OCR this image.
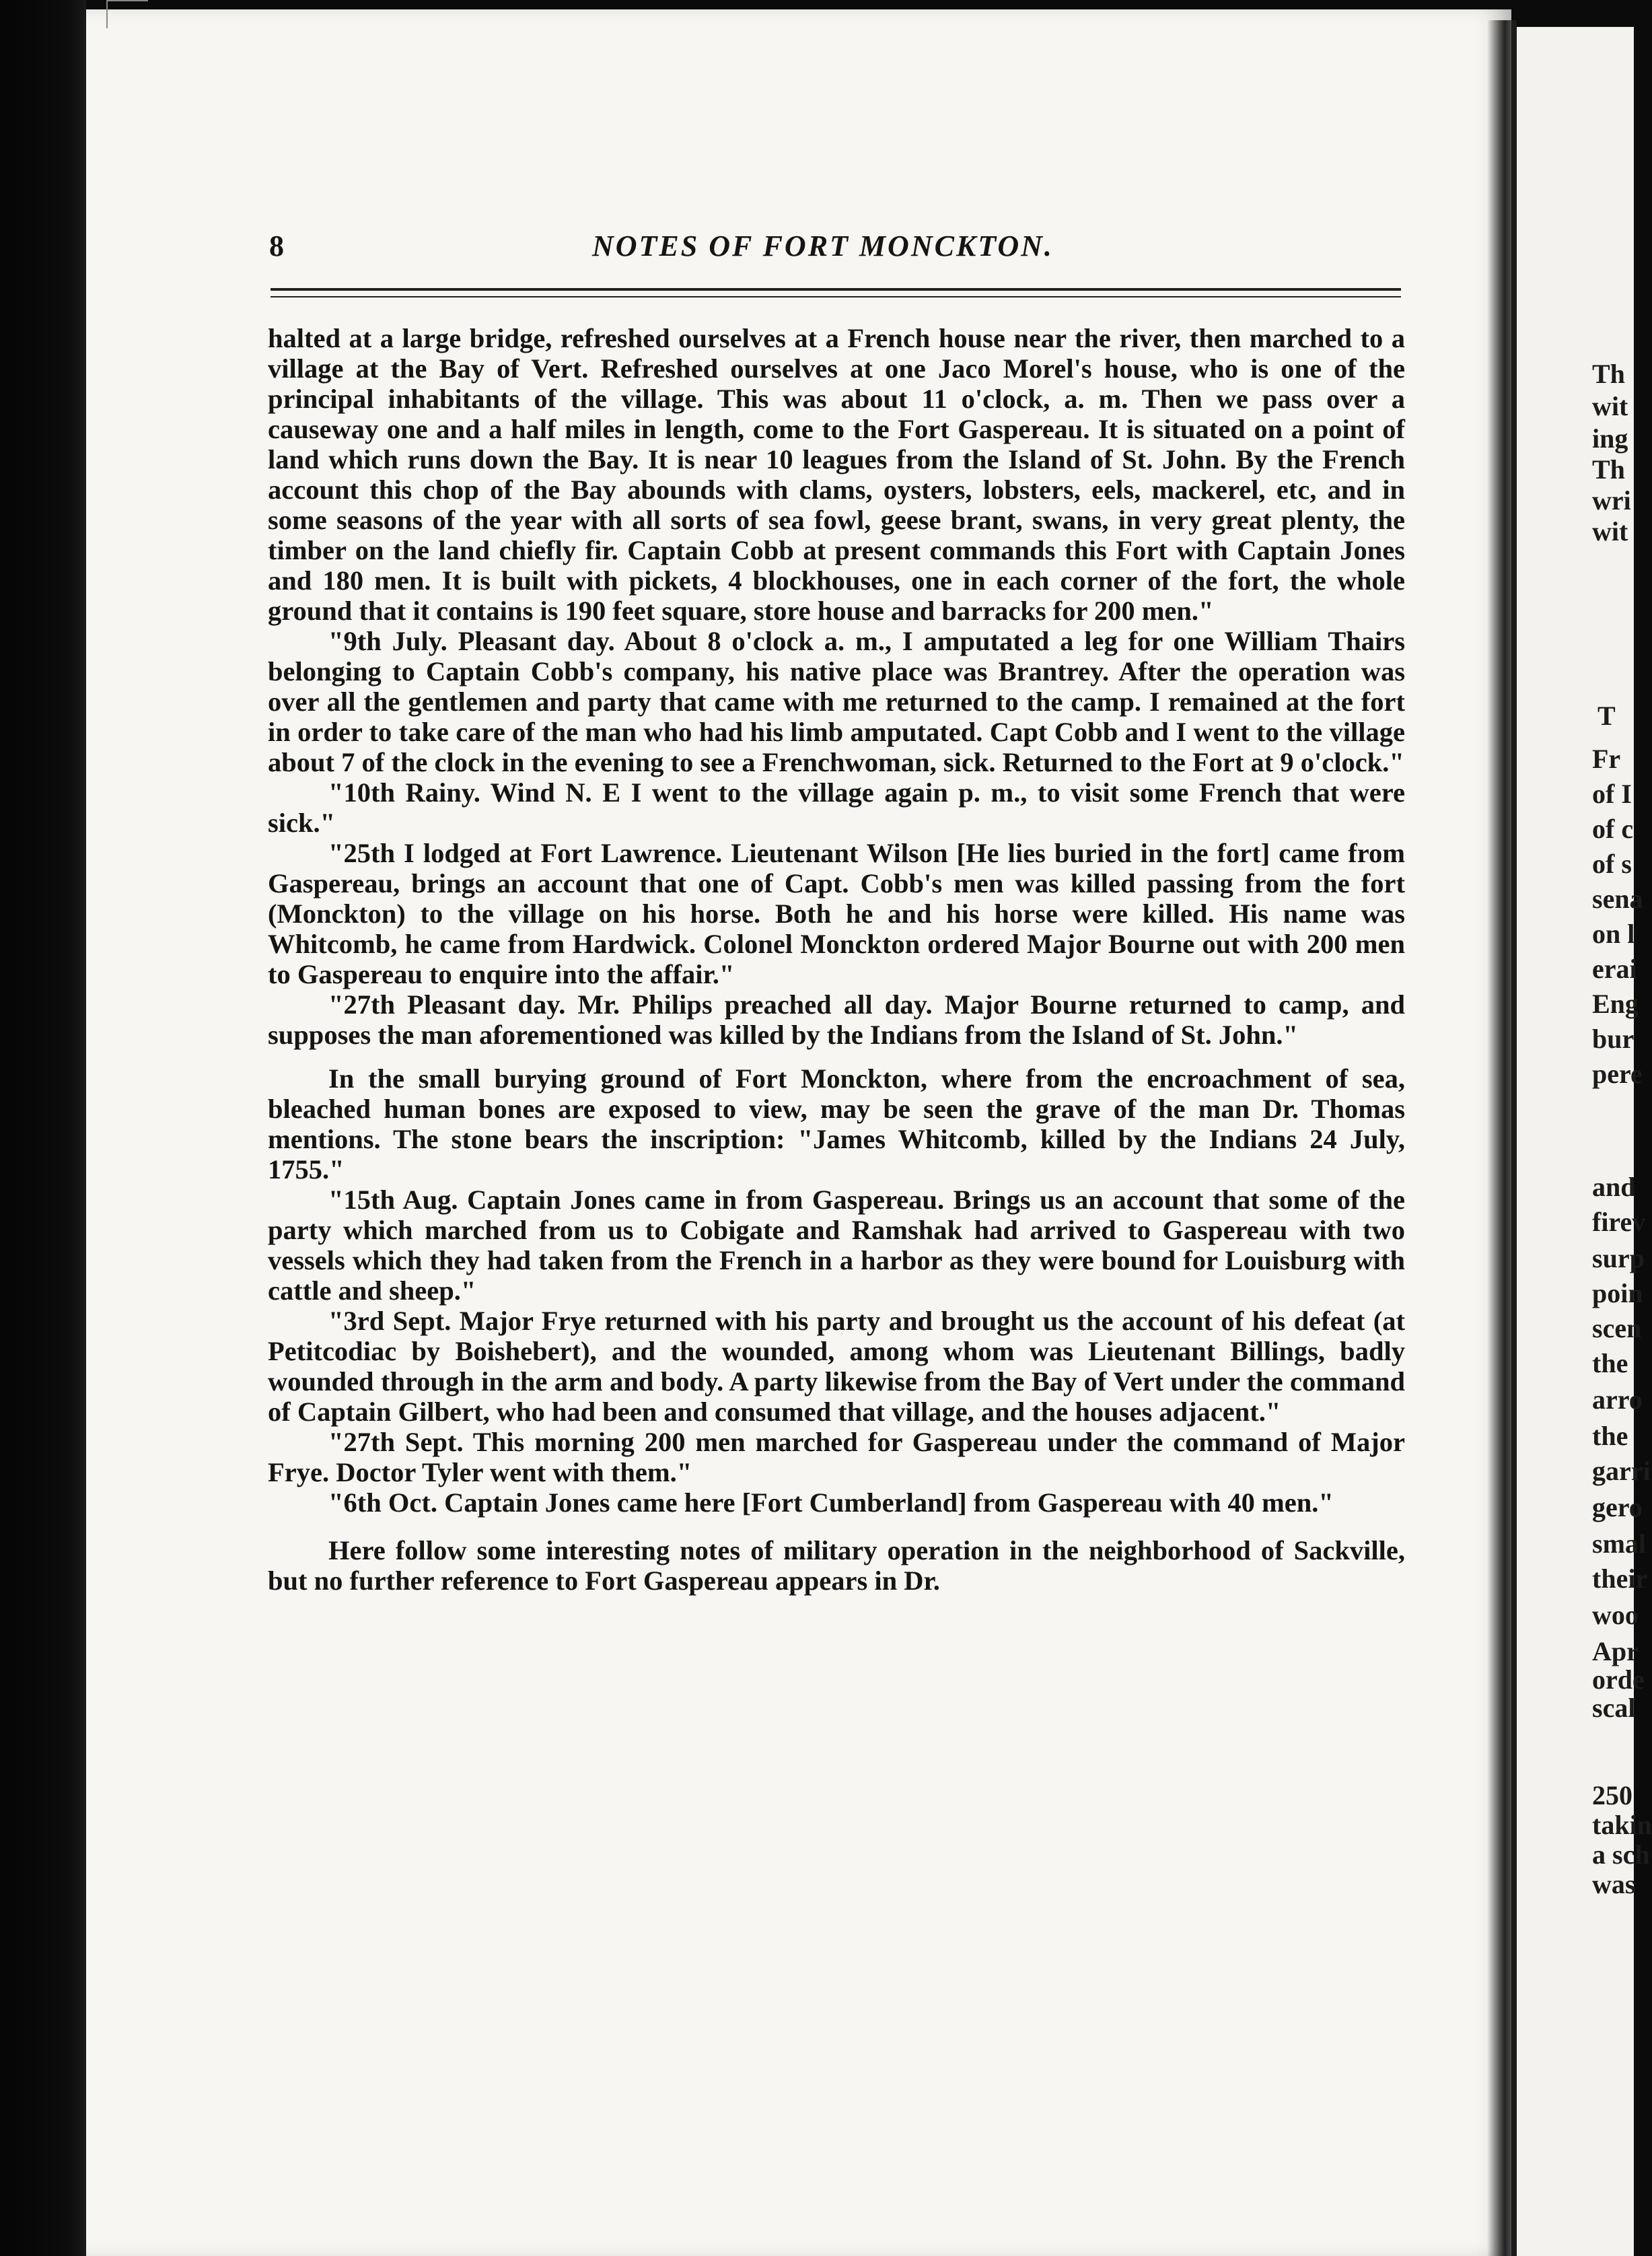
Th
wit
ing
Th
wri
wit
T
Fr
of I
of c
of s
sena
on l
erai
Eng
bur
pere
and
firev
surp
poin
scen
the
arro
the
garri
gero
smal
their
woo
Apr
orde
scal
250
takin
a sch
was
8	NOTES OF FORT MONCKTON.

halted at a large bridge, refreshed ourselves at a French house near the river, then marched to a village at the Bay of Vert. Refreshed ourselves at one Jaco Morel's house, who is one of the principal inhabitants of the village. This was about 11 o'clock, a. m. Then we pass over a causeway one and a half miles in length, come to the Fort Gaspereau. It is situated on a point of land which runs down the Bay. It is near 10 leagues from the Island of St. John. By the French account this chop of the Bay abounds with clams, oysters, lobsters, eels, mackerel, etc, and in some seasons of the year with all sorts of sea fowl, geese brant, swans, in very great plenty, the timber on the land chiefly fir. Captain Cobb at present commands this Fort with Captain Jones and 180 men. It is built with pickets, 4 blockhouses, one in each corner of the fort, the whole ground that it contains is 190 feet square, store house and barracks for 200 men."

"9th July. Pleasant day. About 8 o'clock a. m., I amputated a leg for one William Thairs belonging to Captain Cobb's company, his native place was Brantrey. After the operation was over all the gentlemen and party that came with me returned to the camp. I remained at the fort in order to take care of the man who had his limb amputated. Capt Cobb and I went to the village about 7 of the clock in the evening to see a Frenchwoman, sick. Returned to the Fort at 9 o'clock."

"10th Rainy. Wind N. E I went to the village again p. m., to visit some French that were sick."

"25th I lodged at Fort Lawrence. Lieutenant Wilson [He lies buried in the fort] came from Gaspereau, brings an account that one of Capt. Cobb's men was killed passing from the fort (Monckton) to the village on his horse. Both he and his horse were killed. His name was Whitcomb, he came from Hardwick. Colonel Monckton ordered Major Bourne out with 200 men to Gaspereau to enquire into the affair."

"27th Pleasant day. Mr. Philips preached all day. Major Bourne returned to camp, and supposes the man aforementioned was killed by the Indians from the Island of St. John."

In the small burying ground of Fort Monckton, where from the encroachment of sea, bleached human bones are exposed to view, may be seen the grave of the man Dr. Thomas mentions. The stone bears the inscription: "James Whitcomb, killed by the Indians 24 July, 1755."

"15th Aug. Captain Jones came in from Gaspereau. Brings us an account that some of the party which marched from us to Cobigate and Ramshak had arrived to Gaspereau with two vessels which they had taken from the French in a harbor as they were bound for Louisburg with cattle and sheep."

"3rd Sept. Major Frye returned with his party and brought us the account of his defeat (at Petitcodiac by Boishebert), and the wounded, among whom was Lieutenant Billings, badly wounded through in the arm and body. A party likewise from the Bay of Vert under the command of Captain Gilbert, who had been and consumed that village, and the houses adjacent."

"27th Sept. This morning 200 men marched for Gaspereau under the command of Major Frye. Doctor Tyler went with them."

"6th Oct. Captain Jones came here [Fort Cumberland] from Gaspereau with 40 men."

Here follow some interesting notes of military operation in the neighborhood of Sackville, but no further reference to Fort Gaspereau appears in Dr.
